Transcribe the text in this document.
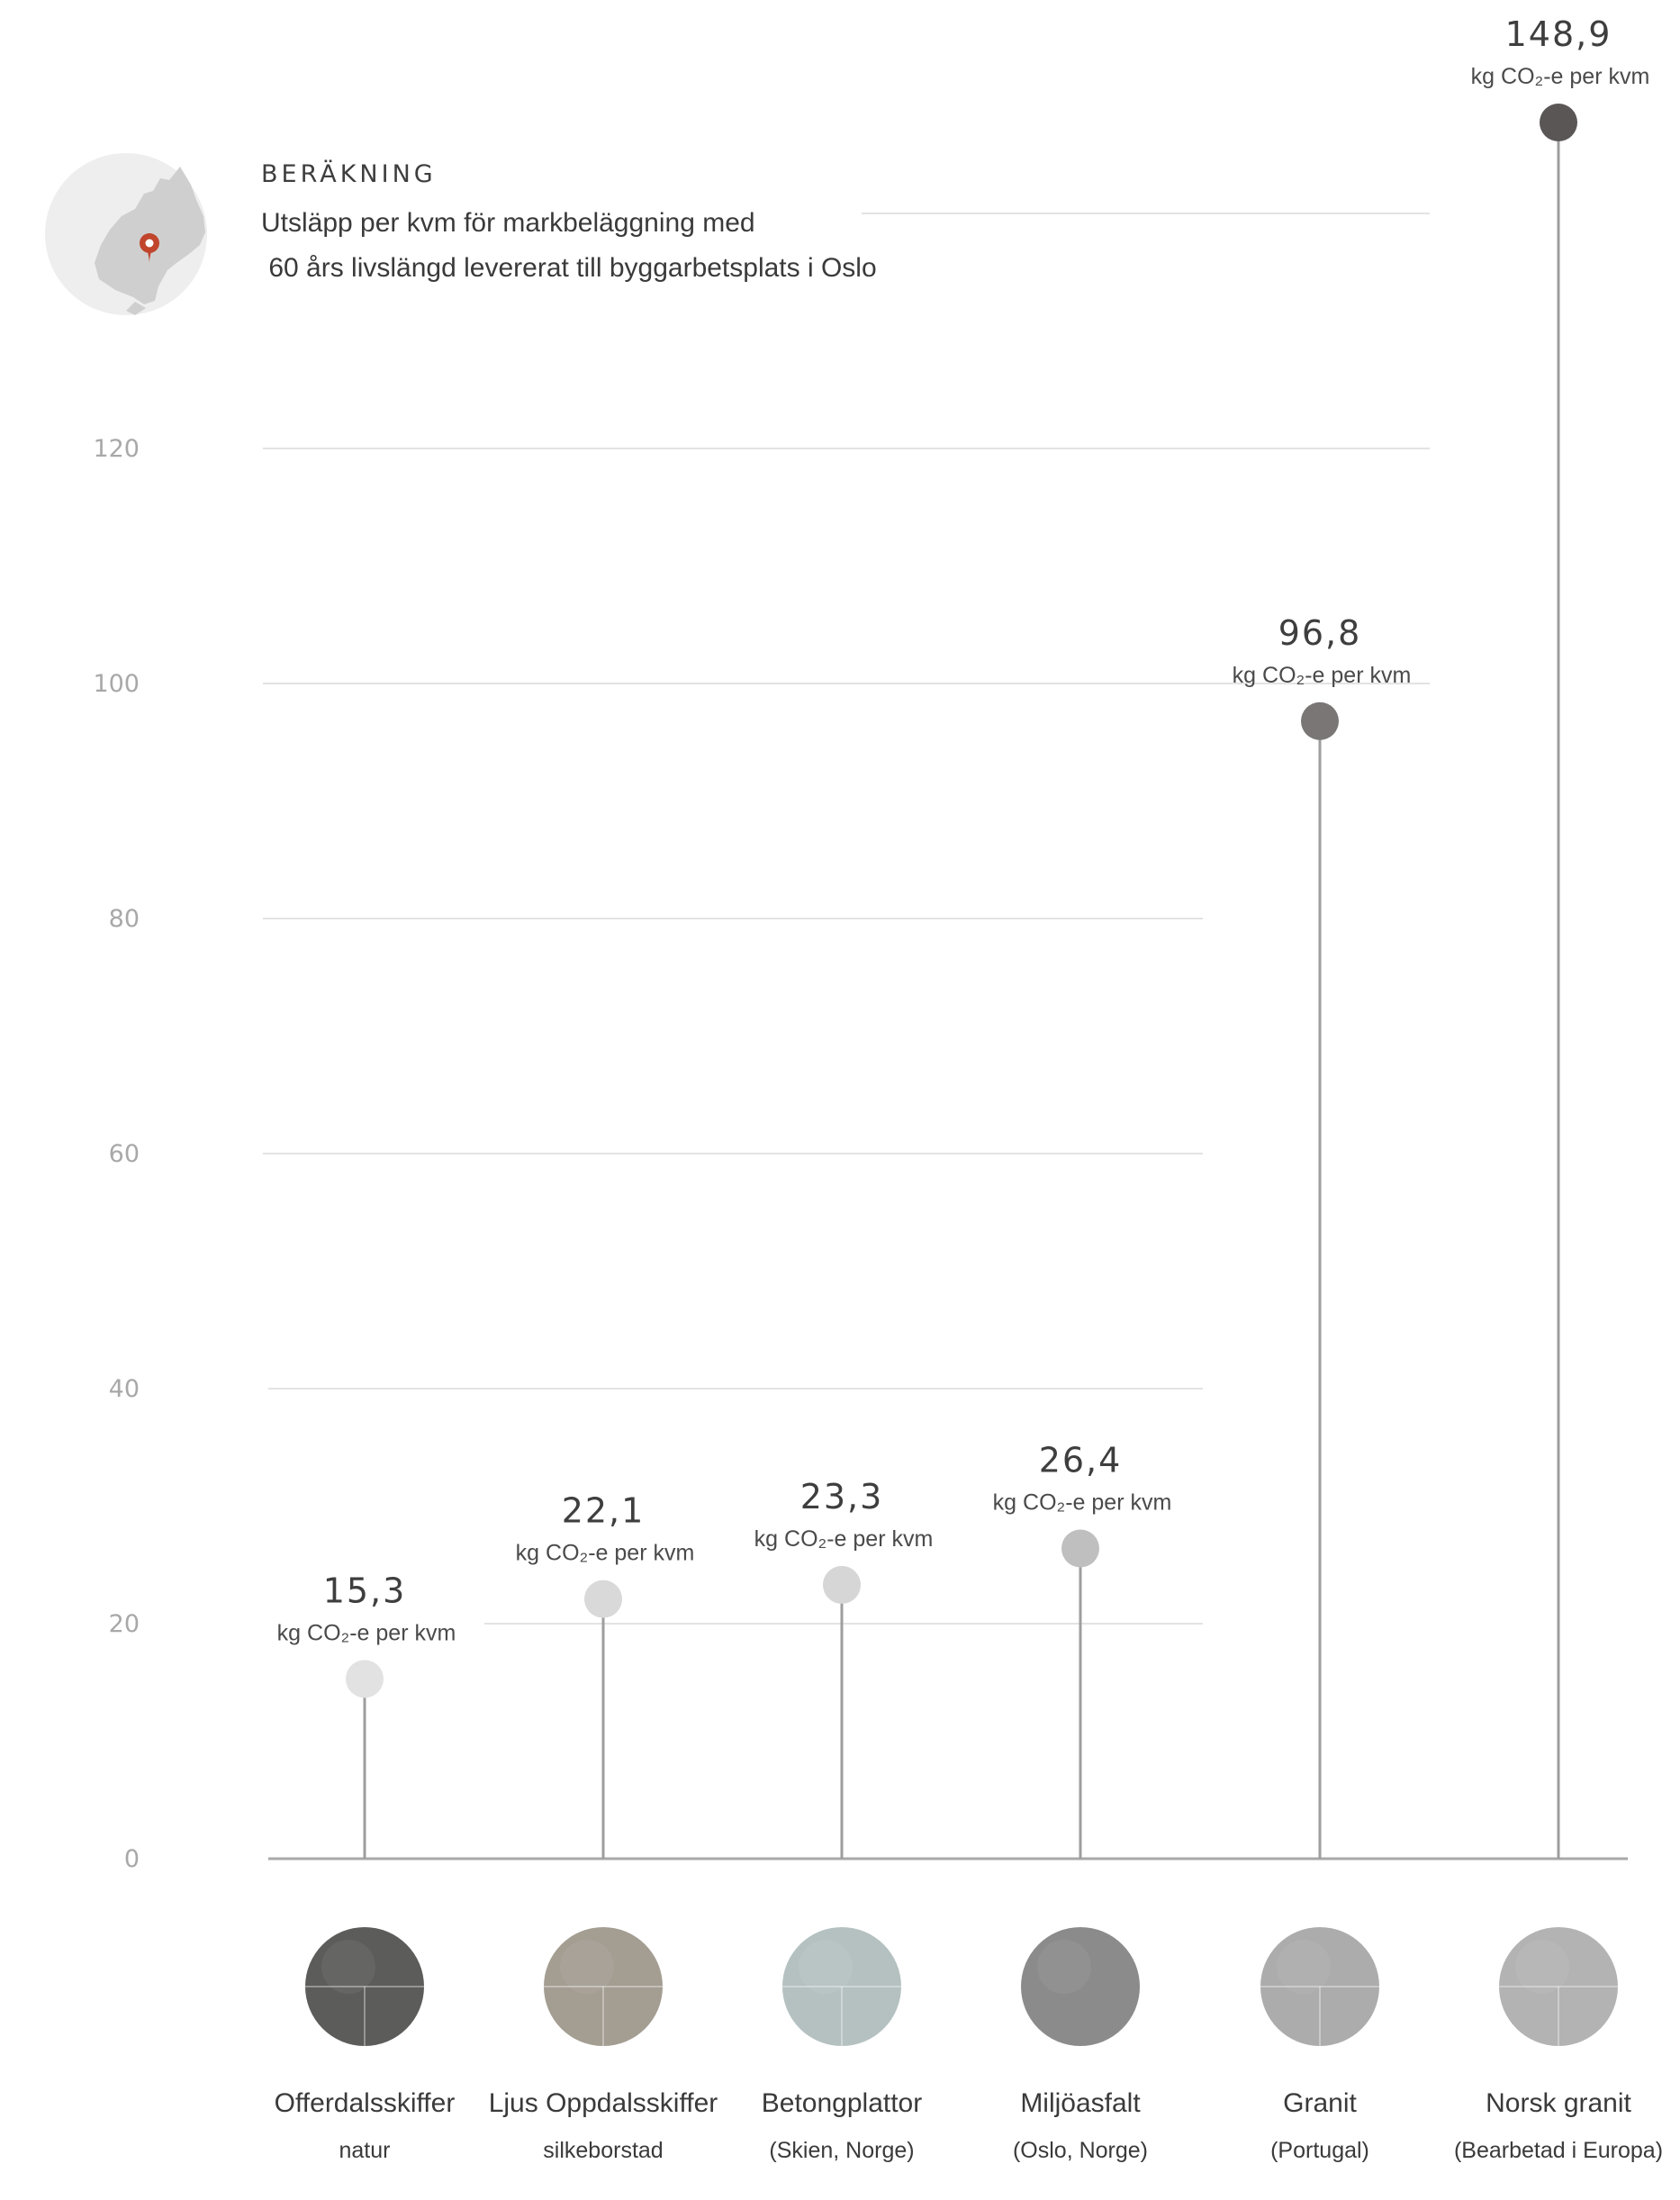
0
20
40
60
80
100
120
BERÄKNING
Utsläpp per kvm för markbeläggning med
60 års livslängd levererat till byggarbetsplats i Oslo
15,3
kg CO₂-e per kvm
22,1
kg CO₂-e per kvm
23,3
kg CO₂-e per kvm
26,4
kg CO₂-e per kvm
96,8
kg CO₂-e per kvm
148,9
kg CO₂-e per kvm
Offerdalsskiffer
natur
Ljus Oppdalsskiffer
silkeborstad
Betongplattor
(Skien, Norge)
Miljöasfalt
(Oslo, Norge)
Granit
(Portugal)
Norsk granit
(Bearbetad i Europa)
